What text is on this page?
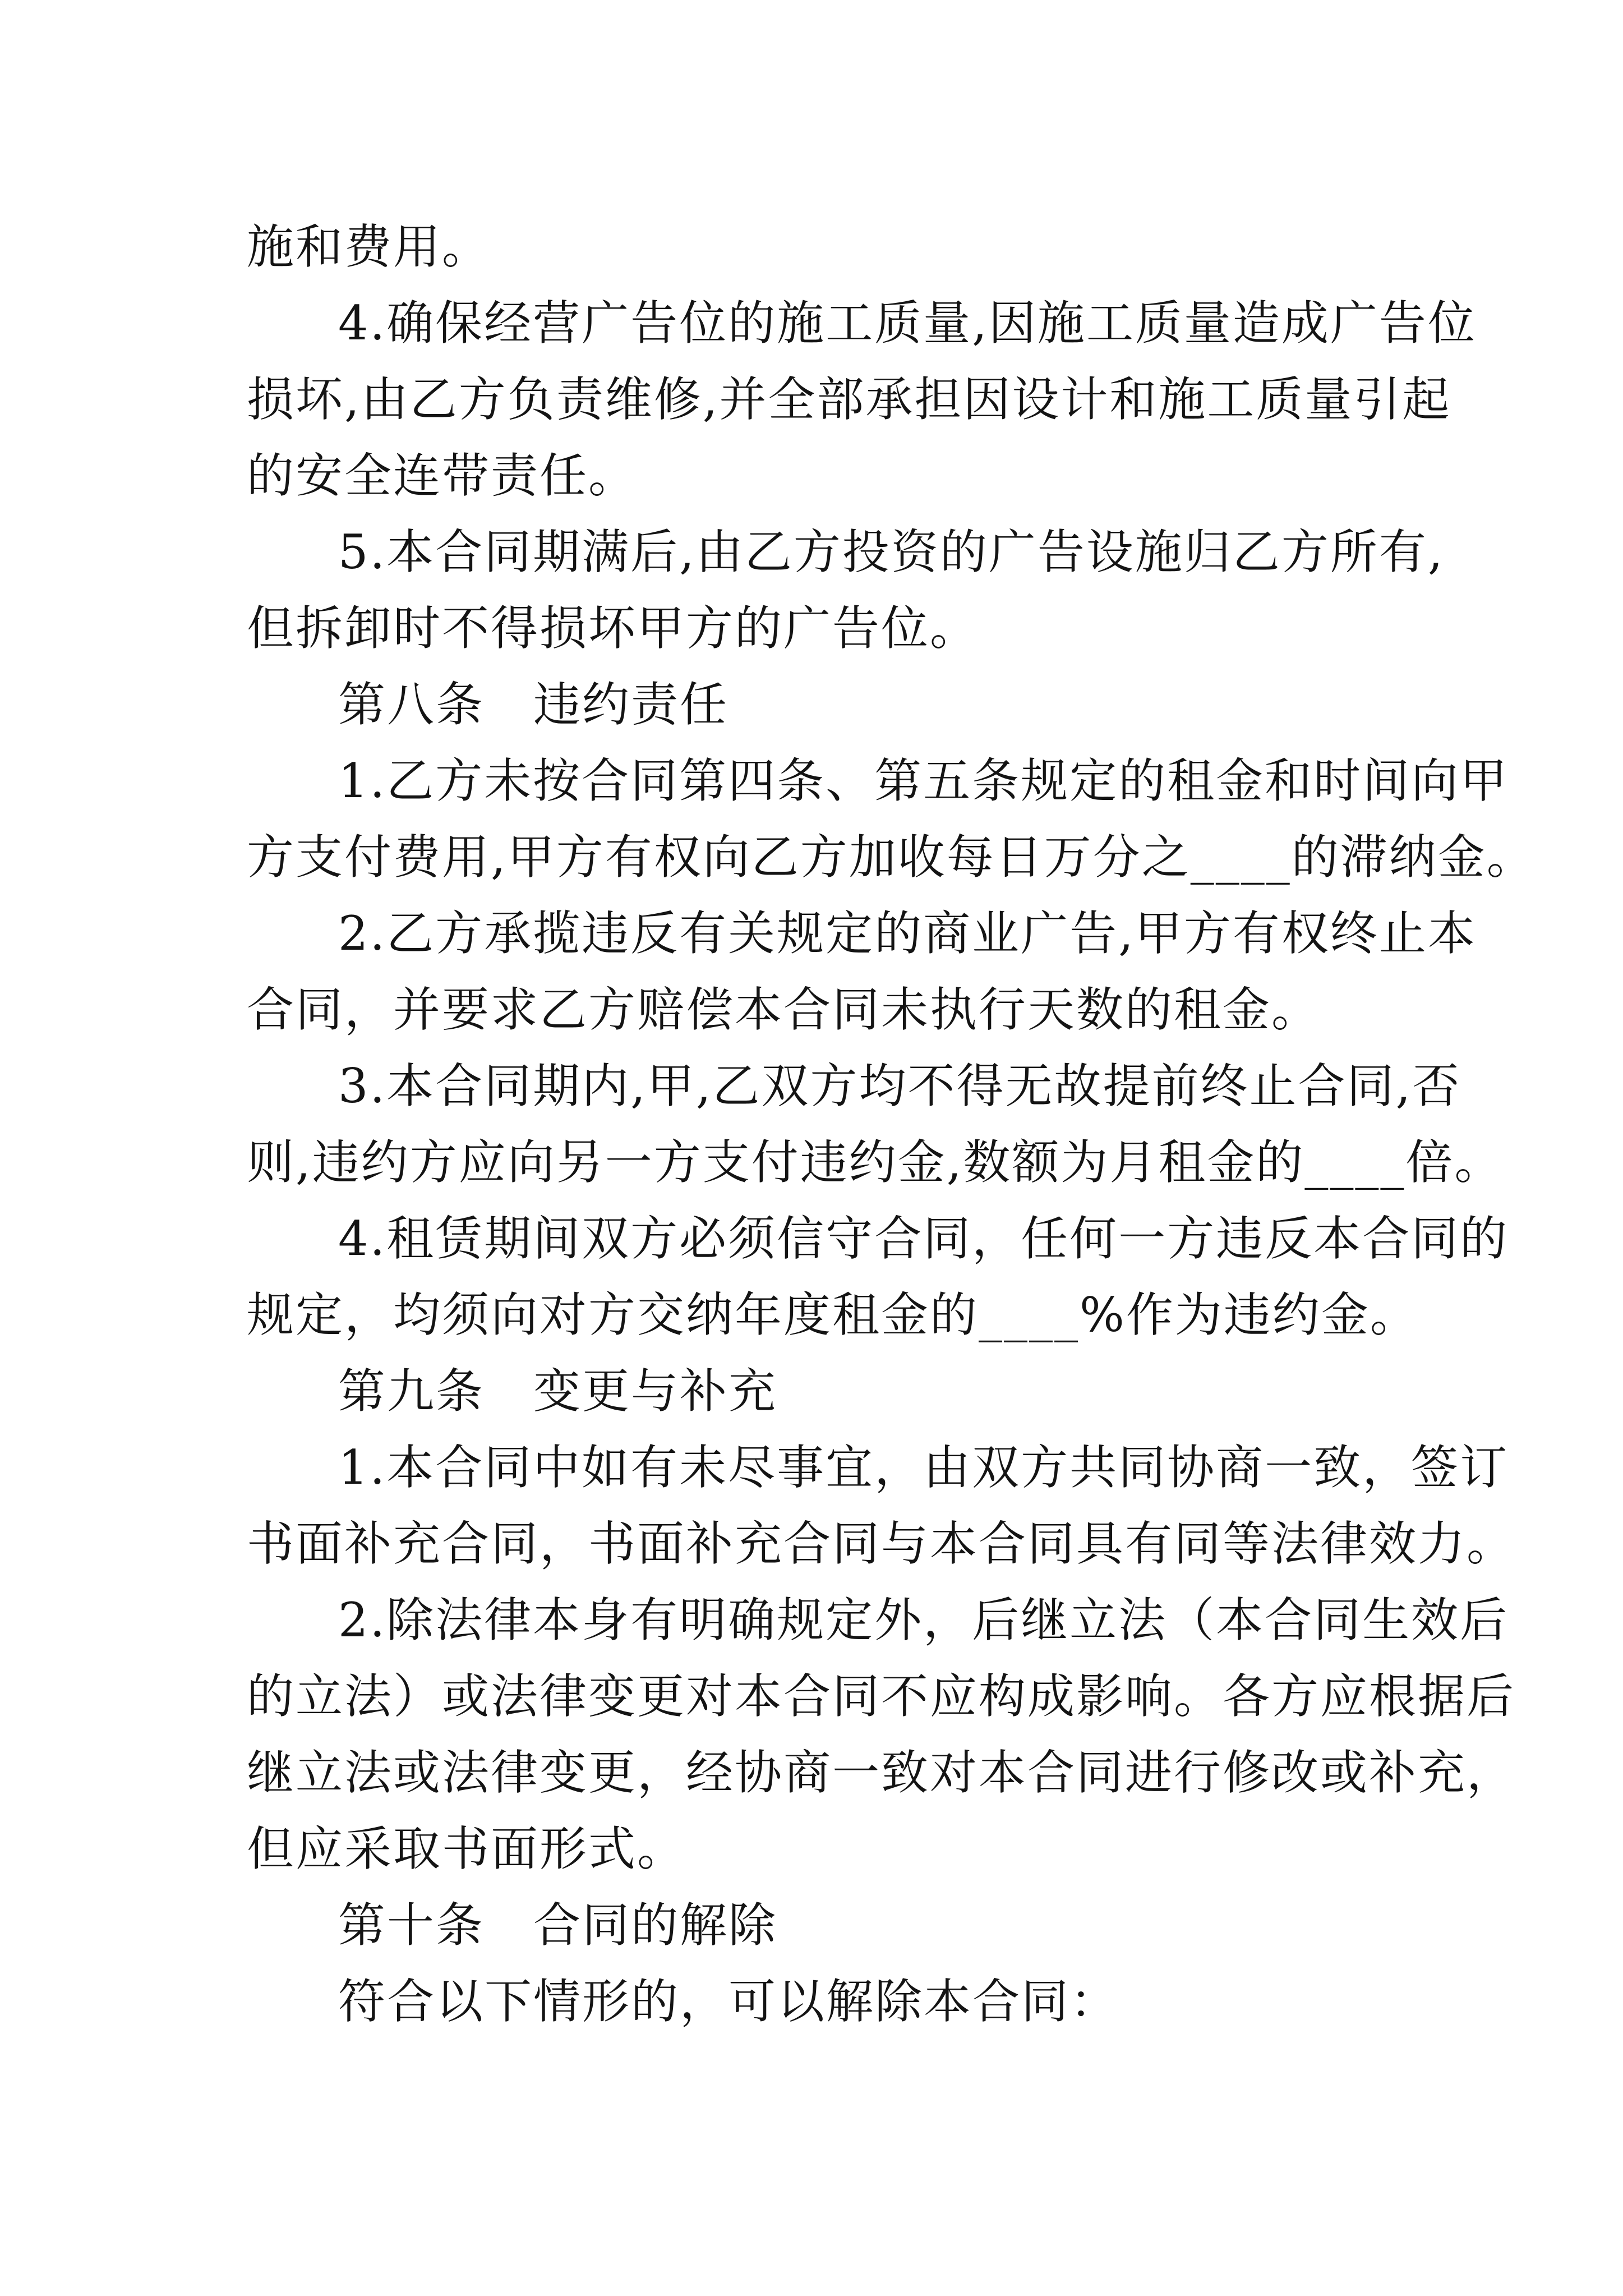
施和费用。
4.确保经营广告位的施工质量,因施工质量造成广告位
损坏,由乙方负责维修,并全部承担因设计和施工质量引起
的安全连带责任。
5.本合同期满后,由乙方投资的广告设施归乙方所有,
但拆卸时不得损坏甲方的广告位。
第八条　违约责任
1.乙方未按合同第四条、第五条规定的租金和时间向甲
方支付费用,甲方有权向乙方加收每日万分之____的滞纳金。
2.乙方承揽违反有关规定的商业广告,甲方有权终止本
合同，并要求乙方赔偿本合同未执行天数的租金。
3.本合同期内,甲,乙双方均不得无故提前终止合同,否
则,违约方应向另一方支付违约金,数额为月租金的____倍。
4.租赁期间双方必须信守合同，任何一方违反本合同的
规定，均须向对方交纳年度租金的____%作为违约金。
第九条　变更与补充
1.本合同中如有未尽事宜，由双方共同协商一致，签订
书面补充合同，书面补充合同与本合同具有同等法律效力。
2.除法律本身有明确规定外，后继立法（本合同生效后
的立法）或法律变更对本合同不应构成影响。各方应根据后
继立法或法律变更，经协商一致对本合同进行修改或补充，
但应采取书面形式。
第十条　合同的解除
符合以下情形的，可以解除本合同：
